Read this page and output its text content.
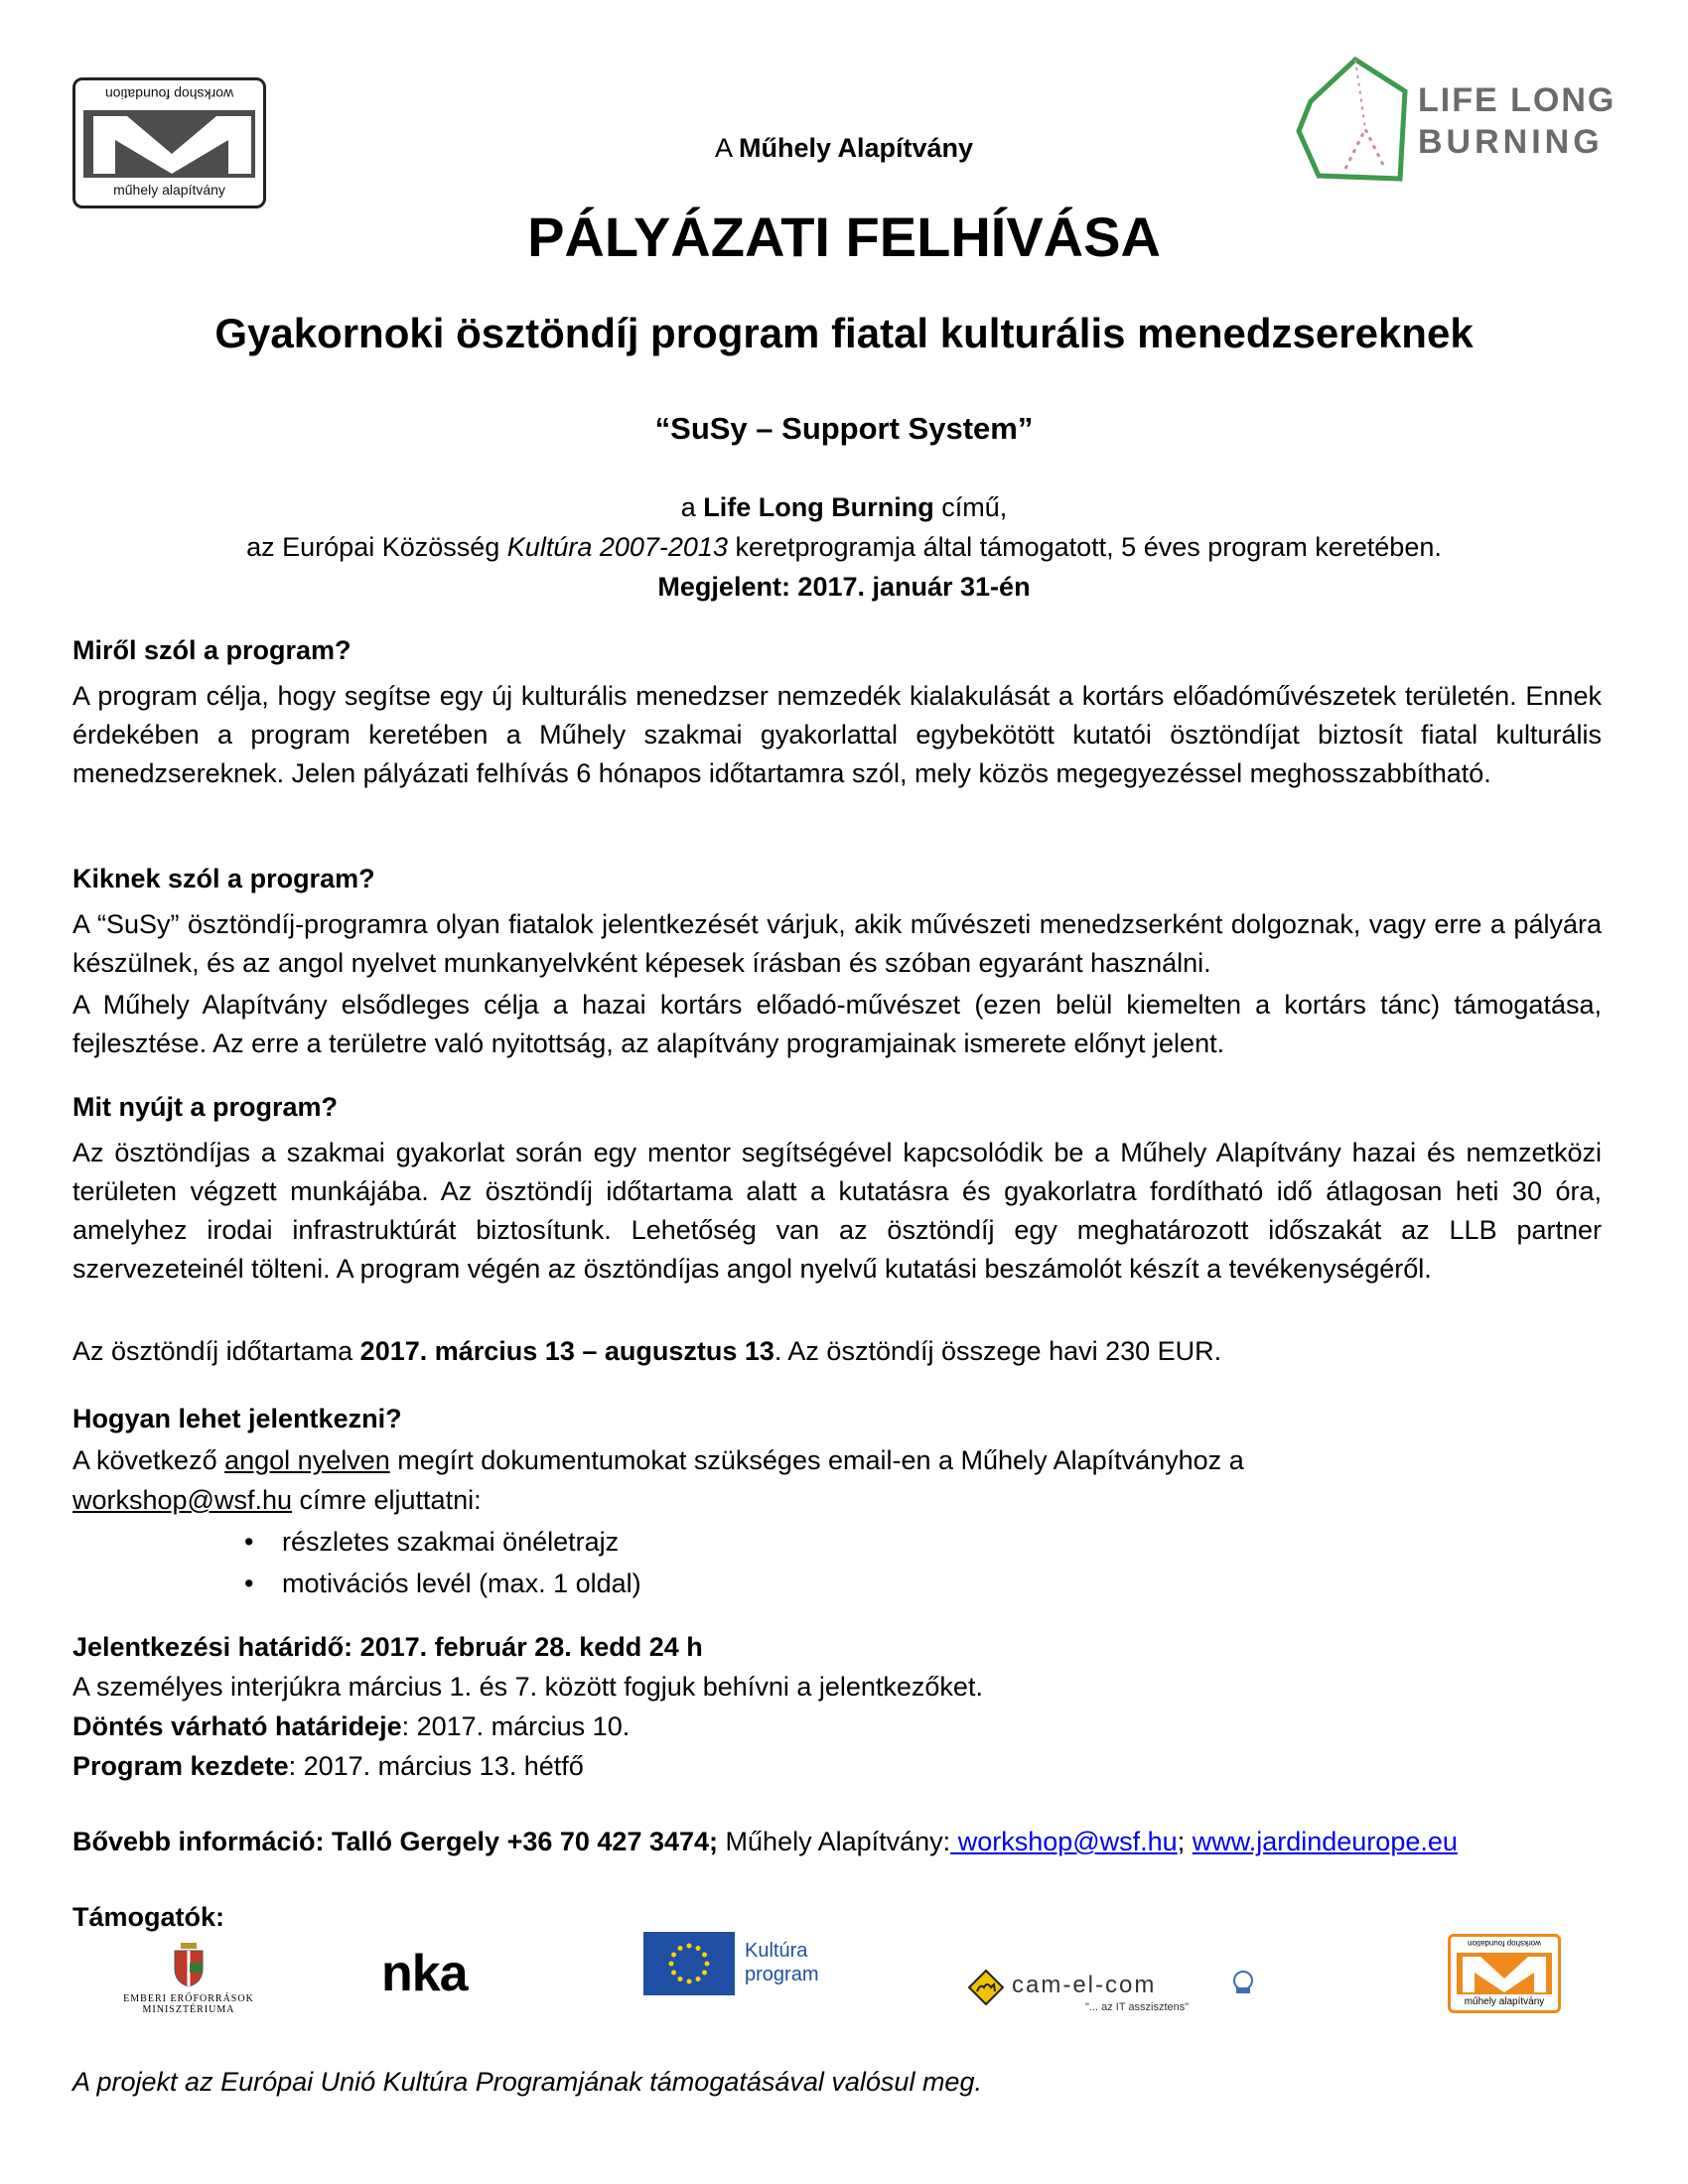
workshop foundation
műhely alapítvány
LIFE LONG
BURNING
A Műhely Alapítvány
PÁLYÁZATI FELHÍVÁSA
Gyakornoki ösztöndíj program fiatal kulturális menedzsereknek
“SuSy – Support System”
a Life Long Burning című,
az Európai Közösség Kultúra 2007-2013 keretprogramja által támogatott, 5 éves program keretében.
Megjelent: 2017. január 31-én
Miről szól a program?
A program célja, hogy segítse egy új kulturális menedzser nemzedék kialakulását a kortárs előadóművészetek területén. Ennek érdekében a program keretében a Műhely szakmai gyakorlattal egybekötött kutatói ösztöndíjat biztosít fiatal kulturális menedzsereknek. Jelen pályázati felhívás 6 hónapos időtartamra szól, mely közös megegyezéssel meghosszabbítható.
Kiknek szól a program?
A “SuSy” ösztöndíj-programra olyan fiatalok jelentkezését várjuk, akik művészeti menedzserként dolgoznak, vagy erre a pályára készülnek, és az angol nyelvet munkanyelvként képesek írásban és szóban egyaránt használni.
A Műhely Alapítvány elsődleges célja a hazai kortárs előadó-művészet (ezen belül kiemelten a kortárs tánc) támogatása, fejlesztése. Az erre a területre való nyitottság, az alapítvány programjainak ismerete előnyt jelent.
Mit nyújt a program?
Az ösztöndíjas a szakmai gyakorlat során egy mentor segítségével kapcsolódik be a Műhely Alapítvány hazai és nemzetközi területen végzett munkájába. Az ösztöndíj időtartama alatt a kutatásra és gyakorlatra fordítható idő átlagosan heti 30 óra, amelyhez irodai infrastruktúrát biztosítunk. Lehetőség van az ösztöndíj egy meghatározott időszakát az LLB partner szervezeteinél tölteni. A program végén az ösztöndíjas angol nyelvű kutatási beszámolót készít a tevékenységéről.
Az ösztöndíj időtartama 2017. március 13 – augusztus 13. Az ösztöndíj összege havi 230 EUR.
Hogyan lehet jelentkezni?
A következő angol nyelven megírt dokumentumokat szükséges email-en a Műhely Alapítványhoz a
workshop@wsf.hu címre eljuttatni:
• részletes szakmai önéletrajz
• motivációs levél (max. 1 oldal)
Jelentkezési határidő: 2017. február 28. kedd 24 h
A személyes interjúkra március 1. és 7. között fogjuk behívni a jelentkezőket.
Döntés várható határideje: 2017. március 10.
Program kezdete: 2017. március 13. hétfő
Bővebb információ: Talló Gergely +36 70 427 3474; Műhely Alapítvány: workshop@wsf.hu; www.jardindeurope.eu
Támogatók:
EMBERI ERŐFORRÁSOK
MINISZTÉRIUMA
nka	Kultúra
program	cam-el-com
"... az IT asszisztens"
workshop foundation
műhely alapítvány
A projekt az Európai Unió Kultúra Programjának támogatásával valósul meg.
